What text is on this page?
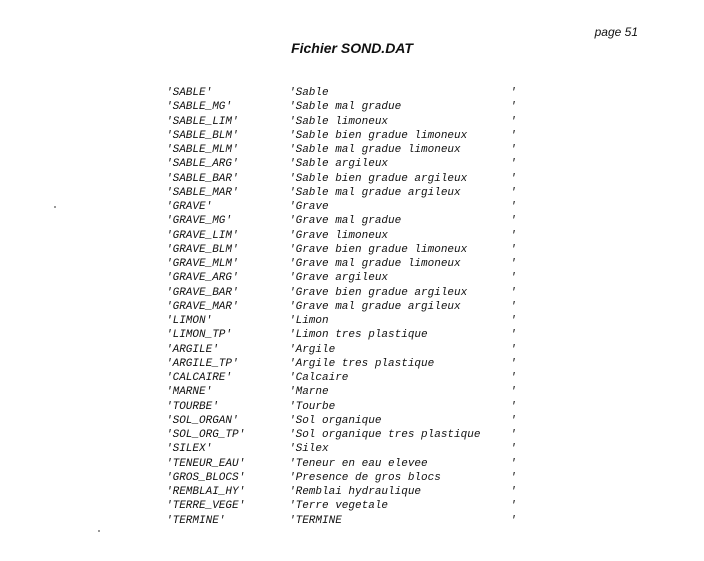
page 51
Fichier SOND.DAT
'SABLE'	'Sable	'
'SABLE_MG'	'Sable mal gradue	'
'SABLE_LIM'	'Sable limoneux	'
'SABLE_BLM'	'Sable bien gradue limoneux	'
'SABLE_MLM'	'Sable mal gradue limoneux	'
'SABLE_ARG'	'Sable argileux	'
'SABLE_BAR'	'Sable bien gradue argileux	'
'SABLE_MAR'	'Sable mal gradue argileux	'
'GRAVE'	'Grave	'
'GRAVE_MG'	'Grave mal gradue	'
'GRAVE_LIM'	'Grave limoneux	'
'GRAVE_BLM'	'Grave bien gradue limoneux	'
'GRAVE_MLM'	'Grave mal gradue limoneux	'
'GRAVE_ARG'	'Grave argileux	'
'GRAVE_BAR'	'Grave bien gradue argileux	'
'GRAVE_MAR'	'Grave mal gradue argileux	'
'LIMON'	'Limon	'
'LIMON_TP'	'Limon tres plastique	'
'ARGILE'	'Argile	'
'ARGILE_TP'	'Argile tres plastique	'
'CALCAIRE'	'Calcaire	'
'MARNE'	'Marne	'
'TOURBE'	'Tourbe	'
'SOL_ORGAN'	'Sol organique	'
'SOL_ORG_TP'	'Sol organique tres plastique	'
'SILEX'	'Silex	'
'TENEUR_EAU'	'Teneur en eau elevee	'
'GROS_BLOCS'	'Presence de gros blocs	'
'REMBLAI_HY'	'Remblai hydraulique	'
'TERRE_VEGE'	'Terre vegetale	'
'TERMINE'	'TERMINE	'
